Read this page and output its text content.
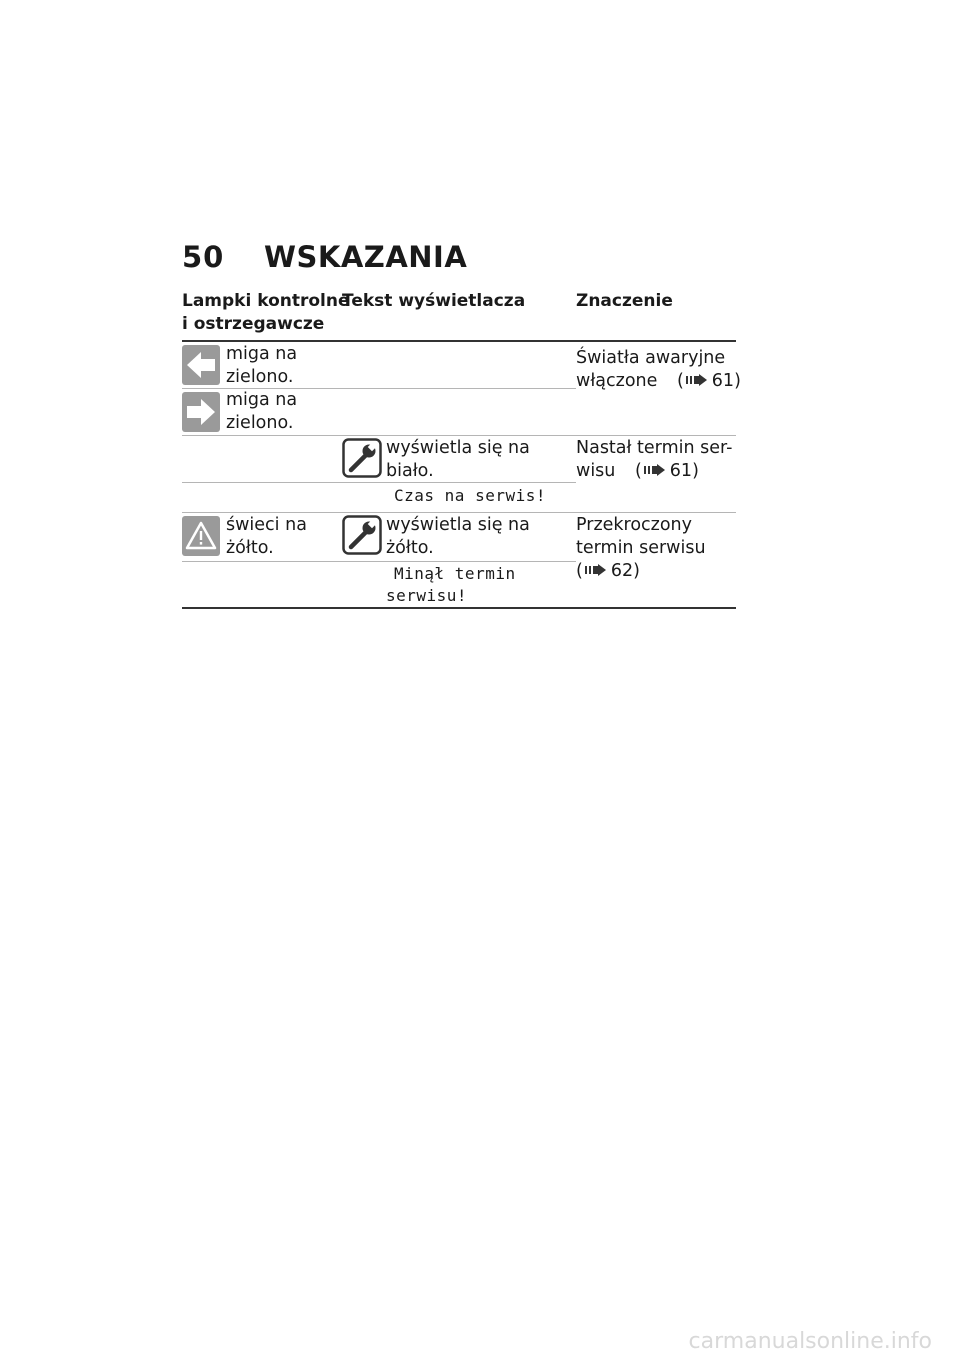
50 WSKAZANIA
Lampki kontrolne
i ostrzegawcze
Tekst wyświetlacza	Znaczenie
miga na
zielono.
miga na
zielono.
Światła awaryjne
włączone ( 61)
wyświetla się na
biało.
Czas na serwis!
Nastał termin ser-
wisu ( 61)
świeci na
żółto.
wyświetla się na
żółto.
Minął termin
serwisu!
Przekroczony
termin serwisu
( 62)
carmanualsonline.info
